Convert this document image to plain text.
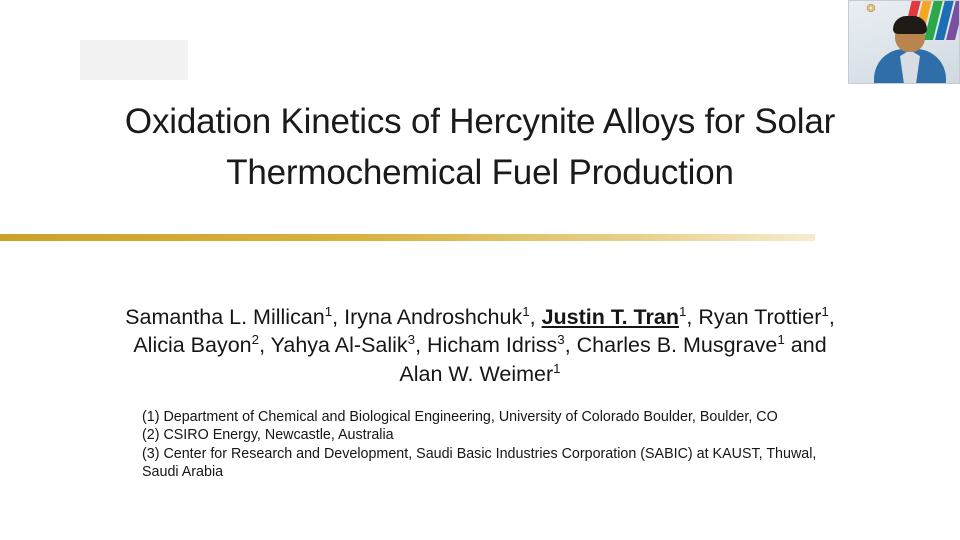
Oxidation Kinetics of Hercynite Alloys for Solar Thermochemical Fuel Production
Samantha L. Millican$^1$, Iryna Androshchuk$^1$, Justin T. Tran$^1$, Ryan Trottier$^1$, Alicia Bayon$^2$, Yahya Al-Salik$^3$, Hicham Idriss$^3$, Charles B. Musgrave$^1$ and Alan W. Weimer$^1$
(1) Department of Chemical and Biological Engineering, University of Colorado Boulder, Boulder, CO
(2) CSIRO Energy, Newcastle, Australia
(3) Center for Research and Development, Saudi Basic Industries Corporation (SABIC) at KAUST, Thuwal, Saudi Arabia
❂
